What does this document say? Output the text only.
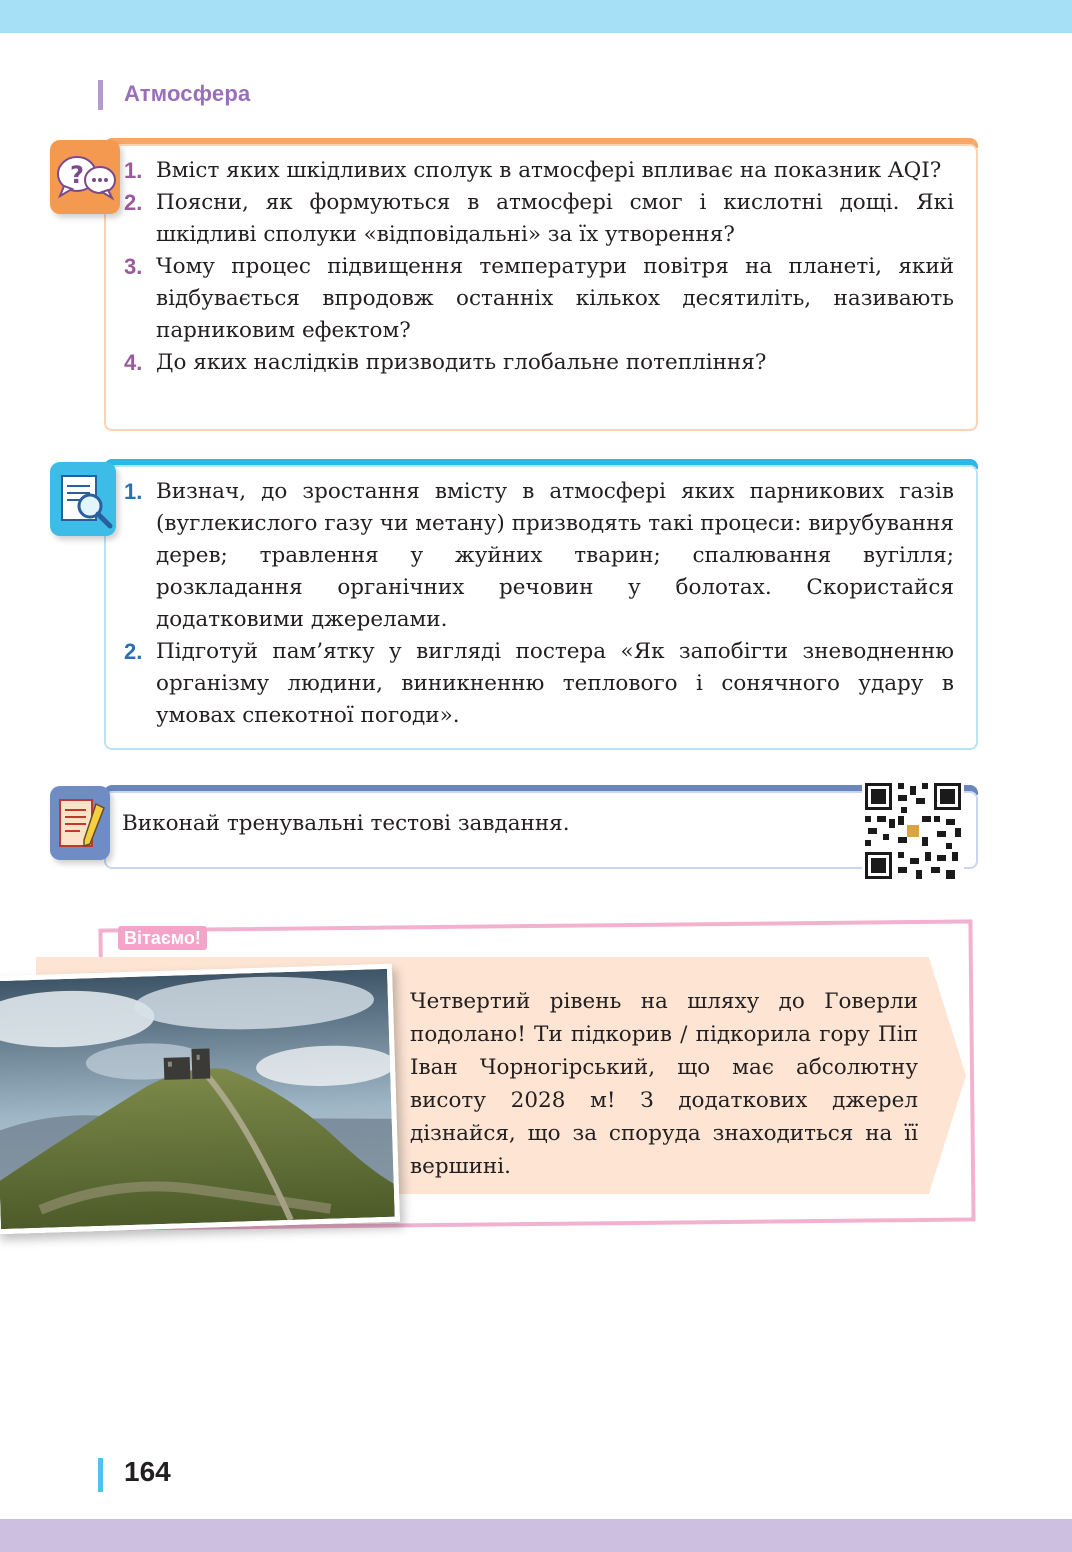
Атмосфера
1. Вміст яких шкідливих сполук в атмосфері впливає на показник AQI?
2. Поясни, як формуються в атмосфері смог і кислотні дощі. Які шкідливі сполуки «відповідальні» за їх утворення?
3. Чому процес підвищення температури повітря на планеті, який відбувається впродовж останніх кількох десятиліть, називають парниковим ефектом?
4. До яких наслідків призводить глобальне потепління?
?
1. Визнач, до зростання вмісту в атмосфері яких парникових газів (вуглекислого газу чи метану) призводять такі процеси: вирубування дерев; травлення у жуйних тварин; спалювання вугілля; розкладання органічних речовин у болотах. Скористайся додатковими джерелами.
2. Підготуй пам’ятку у вигляді постера «Як запобігти зневодненню організму людини, виникненню теплового і сонячного удару в умовах спекотної погоди».
Виконай тренувальні тестові завдання.
Вітаємо!
Четвертий рівень на шляху до Говерли подолано! Ти підкорив / підкорила гору Піп Іван Чорногірський, що має абсолютну висоту 2028 м! З додаткових джерел дізнайся, що за споруда знаходиться на її вершині.
164
